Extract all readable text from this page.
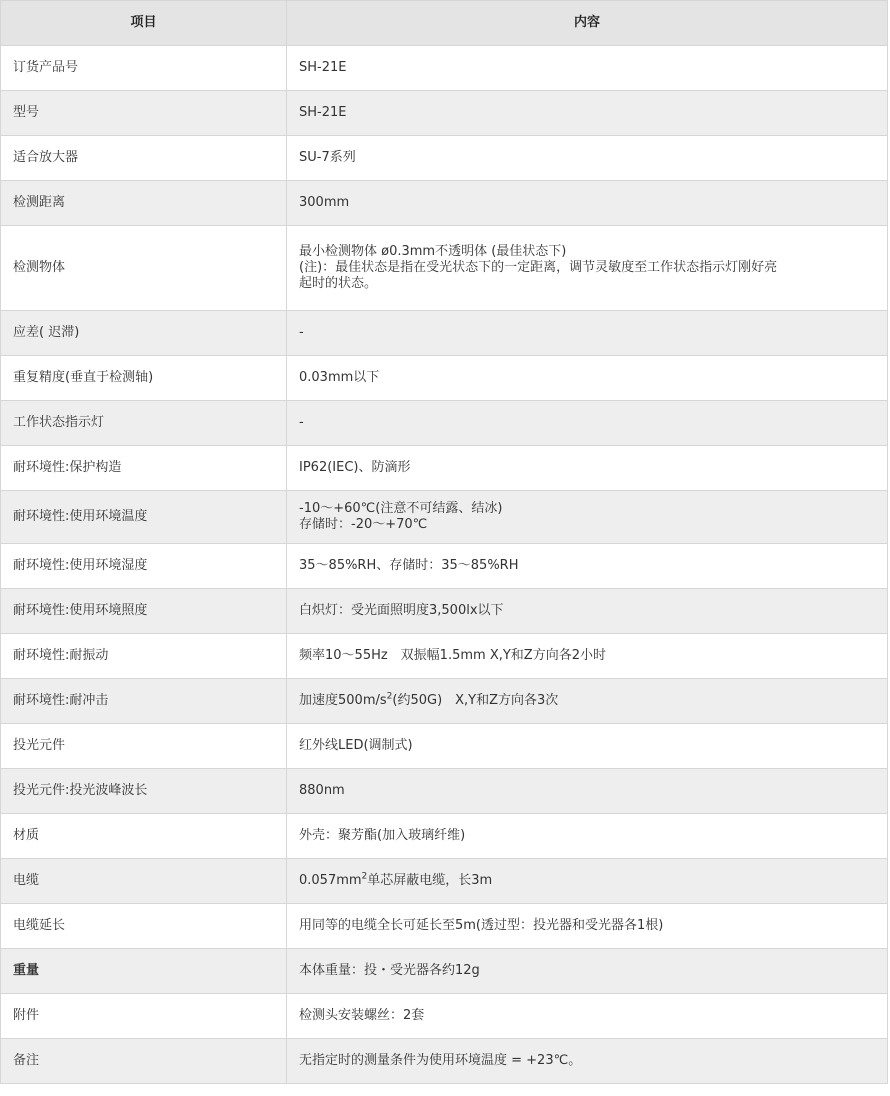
项目	内容
订货产品号	SH-21E
型号	SH-21E
适合放大器	SU-7系列
检测距离	300mm
检测物体	最小检测物体 ø0.3mm不透明体 (最佳状态下)
(注)：最佳状态是指在受光状态下的一定距离，调节灵敏度至工作状态指示灯刚好亮
起时的状态。

应差( 迟滞)	-
重复精度(垂直于检测轴)	0.03mm以下
工作状态指示灯	-
耐环境性:保护构造	IP62(IEC)、防滴形
耐环境性:使用环境温度	-10～+60℃(注意不可结露、结冰)
存储时：-20～+70℃

耐环境性:使用环境湿度	35～85%RH、存储时：35～85%RH
耐环境性:使用环境照度	白炽灯：受光面照明度3,500lx以下
耐环境性:耐振动	频率10～55Hz　双振幅1.5mm X,Y和Z方向各2小时
耐环境性:耐冲击	加速度$500m/s^2$(约50G)　X,Y和Z方向各3次
投光元件	红外线LED(调制式)
投光元件:投光波峰波长	880nm
材质	外壳：聚芳酯(加入玻璃纤维)
电缆	$0.057mm^2$单芯屏蔽电缆，长3m
电缆延长	用同等的电缆全长可延长至5m(透过型：投光器和受光器各1根)
重量	本体重量：投・受光器各约12g
附件	检测头安装螺丝：2套
备注	无指定时的测量条件为使用环境温度 = +23℃。
